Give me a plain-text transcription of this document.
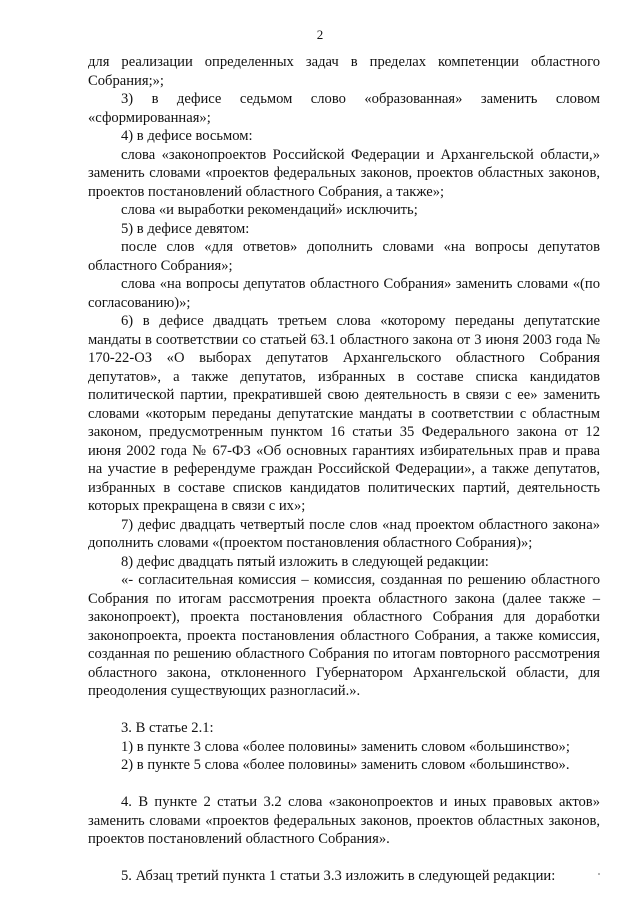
2

для реализации определенных задач в пределах компетенции областного Собрания;»;

3) в дефисе седьмом слово «образованная» заменить словом «сформированная»;

4) в дефисе восьмом:

слова «законопроектов Российской Федерации и Архангельской области,» заменить словами «проектов федеральных законов, проектов областных законов, проектов постановлений областного Собрания, а также»;

слова «и выработки рекомендаций» исключить;

5) в дефисе девятом:

после слов «для ответов» дополнить словами «на вопросы депутатов областного Собрания»;

слова «на вопросы депутатов областного Собрания» заменить словами «(по согласованию)»;

6) в дефисе двадцать третьем слова «которому переданы депутатские мандаты в соответствии со статьей 63.1 областного закона от 3 июня 2003 года № 170-22-ОЗ «О выборах депутатов Архангельского областного Собрания депутатов», а также депутатов, избранных в составе списка кандидатов политической партии, прекратившей свою деятельность в связи с ее» заменить словами «которым переданы депутатские мандаты в соответствии с областным законом, предусмотренным пунктом 16 статьи 35 Федерального закона от 12 июня 2002 года № 67-ФЗ «Об основных гарантиях избирательных прав и права на участие в референдуме граждан Российской Федерации», а также депутатов, избранных в составе списков кандидатов политических партий, деятельность которых прекращена в связи с их»;

7) дефис двадцать четвертый после слов «над проектом областного закона» дополнить словами «(проектом постановления областного Собрания)»;

8) дефис двадцать пятый изложить в следующей редакции:

«- согласительная комиссия – комиссия, созданная по решению областного Собрания по итогам рассмотрения проекта областного закона (далее также – законопроект), проекта постановления областного Собрания для доработки законопроекта, проекта постановления областного Собрания, а также комиссия, созданная по решению областного Собрания по итогам повторного рассмотрения областного закона, отклоненного Губернатором Архангельской области, для преодоления существующих разногласий.».

3. В статье 2.1:

1) в пункте 3 слова «более половины» заменить словом «большинство»;

2) в пункте 5 слова «более половины» заменить словом «большинство».

4. В пункте 2 статьи 3.2 слова «законопроектов и иных правовых актов» заменить словами «проектов федеральных законов, проектов областных законов, проектов постановлений областного Собрания».

5. Абзац третий пункта 1 статьи 3.3 изложить в следующей редакции:
